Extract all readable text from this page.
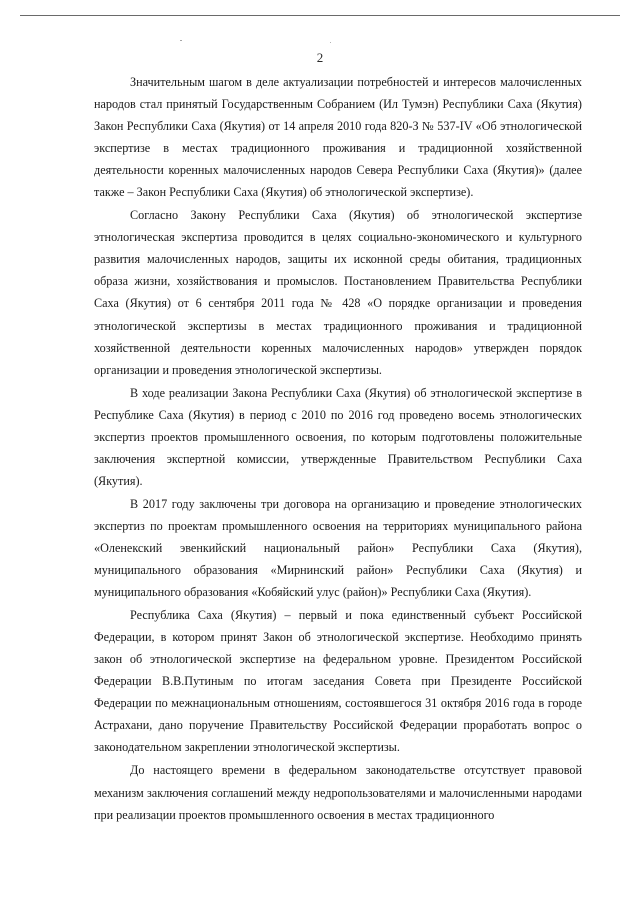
2

Значительным шагом в деле актуализации потребностей и интересов малочисленных народов стал принятый Государственным Собранием (Ил Тумэн) Республики Саха (Якутия) Закон Республики Саха (Якутия) от 14 апреля 2010 года 820-З № 537-IV «Об этнологической экспертизе в местах традиционного проживания и традиционной хозяйственной деятельности коренных малочисленных народов Севера Республики Саха (Якутия)» (далее также – Закон Республики Саха (Якутия) об этнологической экспертизе).

Согласно Закону Республики Саха (Якутия) об этнологической экспертизе этнологическая экспертиза проводится в целях социально-экономического и культурного развития малочисленных народов, защиты их исконной среды обитания, традиционных образа жизни, хозяйствования и промыслов. Постановлением Правительства Республики Саха (Якутия) от 6 сентября 2011 года № 428 «О порядке организации и проведения этнологической экспертизы в местах традиционного проживания и традиционной хозяйственной деятельности коренных малочисленных народов» утвержден порядок организации и проведения этнологической экспертизы.

В ходе реализации Закона Республики Саха (Якутия) об этнологической экспертизе в Республике Саха (Якутия) в период с 2010 по 2016 год проведено восемь этнологических экспертиз проектов промышленного освоения, по которым подготовлены положительные заключения экспертной комиссии, утвержденные Правительством Республики Саха (Якутия).

В 2017 году заключены три договора на организацию и проведение этнологических экспертиз по проектам промышленного освоения на территориях муниципального района «Оленекский эвенкийский национальный район» Республики Саха (Якутия), муниципального образования «Мирнинский район» Республики Саха (Якутия) и муниципального образования «Кобяйский улус (район)» Республики Саха (Якутия).

Республика Саха (Якутия) – первый и пока единственный субъект Российской Федерации, в котором принят Закон об этнологической экспертизе. Необходимо принять закон об этнологической экспертизе на федеральном уровне. Президентом Российской Федерации В.В.Путиным по итогам заседания Совета при Президенте Российской Федерации по межнациональным отношениям, состоявшегося 31 октября 2016 года в городе Астрахани, дано поручение Правительству Российской Федерации проработать вопрос о законодательном закреплении этнологической экспертизы.

До настоящего времени в федеральном законодательстве отсутствует правовой механизм заключения соглашений между недропользователями и малочисленными народами при реализации проектов промышленного освоения в местах традиционного
